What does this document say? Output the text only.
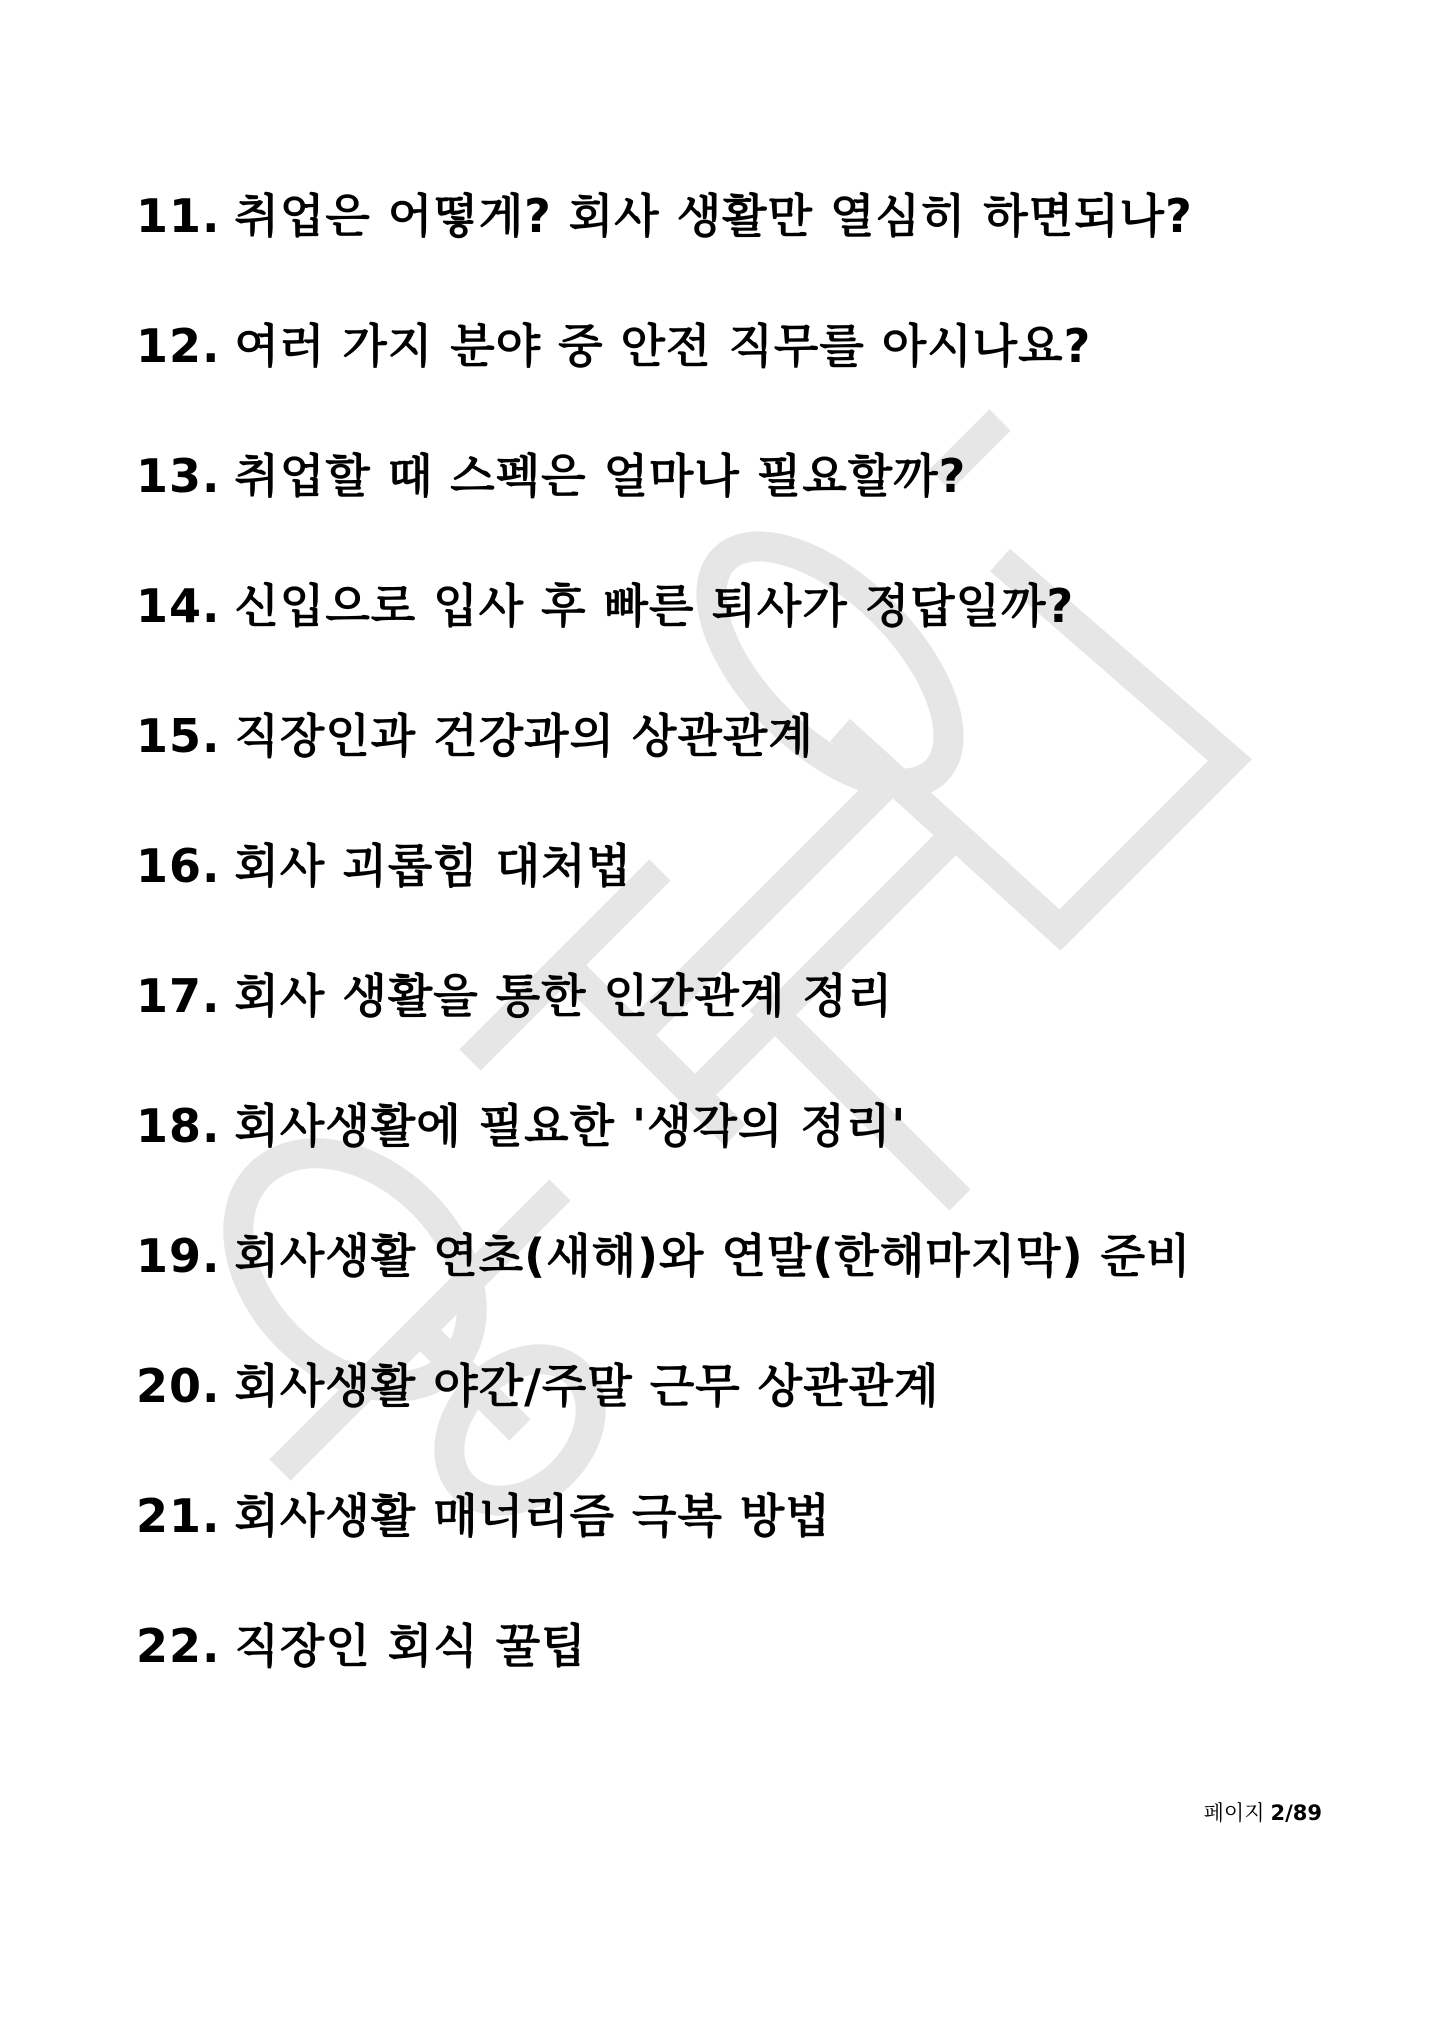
11. 취업은 어떻게? 회사 생활만 열심히 하면되나?
12. 여러 가지 분야 중 안전 직무를 아시나요?
13. 취업할 때 스펙은 얼마나 필요할까?
14. 신입으로 입사 후 빠른 퇴사가 정답일까?
15. 직장인과 건강과의 상관관계
16. 회사 괴롭힘 대처법
17. 회사 생활을 통한 인간관계 정리
18. 회사생활에 필요한 '생각의 정리'
19. 회사생활 연초(새해)와 연말(한해마지막) 준비
20. 회사생활 야간/주말 근무 상관관계
21. 회사생활 매너리즘 극복 방법
22. 직장인 회식 꿀팁
페이지 2/89
